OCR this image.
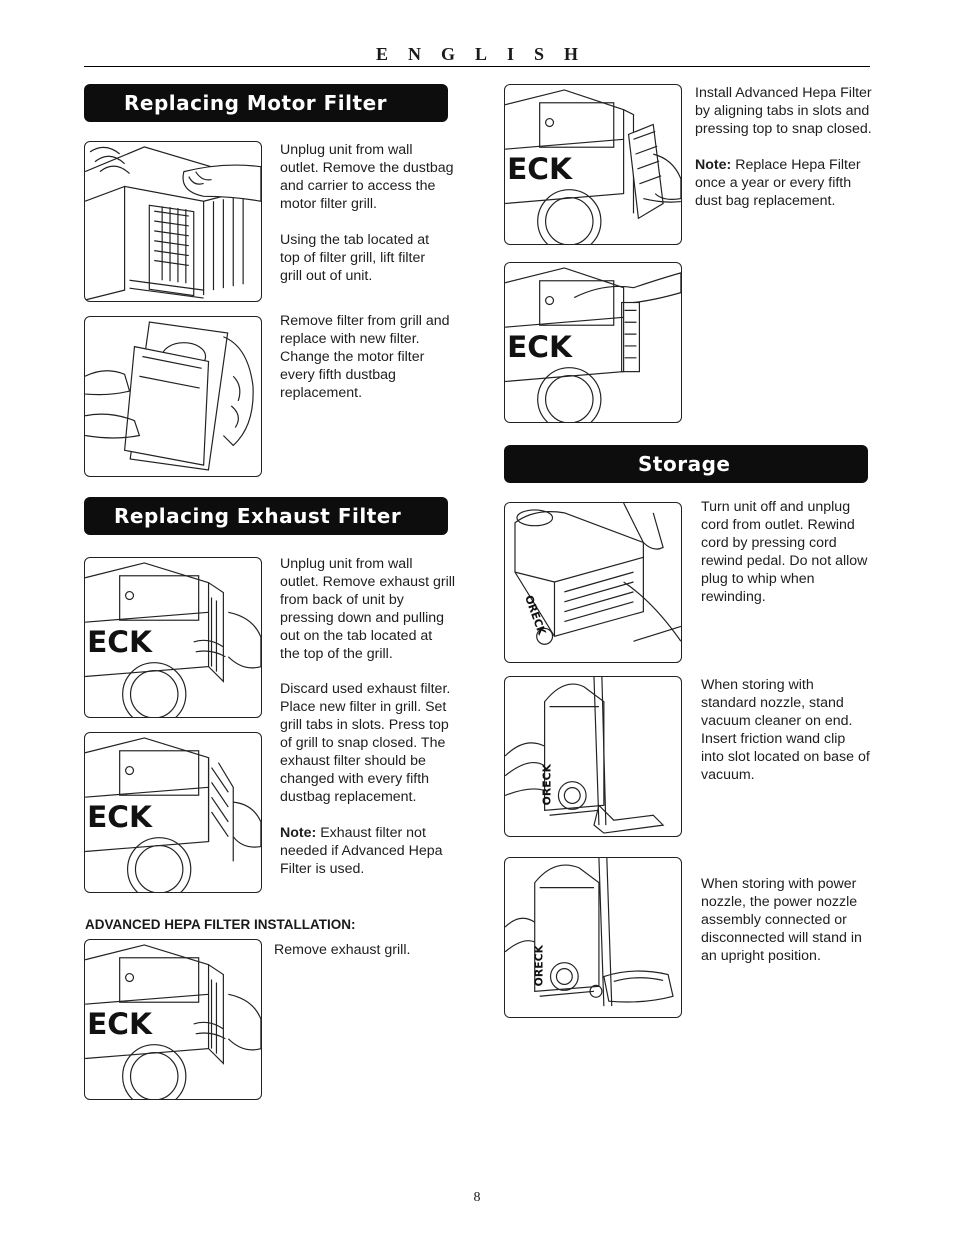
ENGLISH
Replacing Motor Filter
Unplug unit from wall
outlet. Remove the dustbag
and carrier to access the
motor filter grill.
Using the tab located at
top of filter grill, lift filter
grill out of unit.
Remove filter from grill and
replace with new filter.
Change the motor filter
every fifth dustbag
replacement.
Replacing Exhaust Filter
ECK
Unplug unit from wall
outlet. Remove exhaust grill
from back of unit by
pressing down and pulling
out on the tab located at
the top of the grill.
ECK
Discard used exhaust filter.
Place new filter in grill. Set
grill tabs in slots. Press top
of grill to snap closed. The
exhaust filter should be
changed with every fifth
dustbag replacement.
Note: Exhaust filter not
needed if Advanced Hepa
Filter is used.
ADVANCED HEPA FILTER INSTALLATION:
ECK
Remove exhaust grill.
ECK
Install Advanced Hepa Filter
by aligning tabs in slots and
pressing top to snap closed.
Note: Replace Hepa Filter
once a year or every fifth
dust bag replacement.
ECK
Storage
ORECK
Turn unit off and unplug
cord from outlet. Rewind
cord by pressing cord
rewind pedal. Do not allow
plug to whip when
rewinding.
ORECK
When storing with
standard nozzle, stand
vacuum cleaner on end.
Insert friction wand clip
into slot located on base of
vacuum.
ORECK
When storing with power
nozzle, the power nozzle
assembly connected or
disconnected will stand in
an upright position.
8
